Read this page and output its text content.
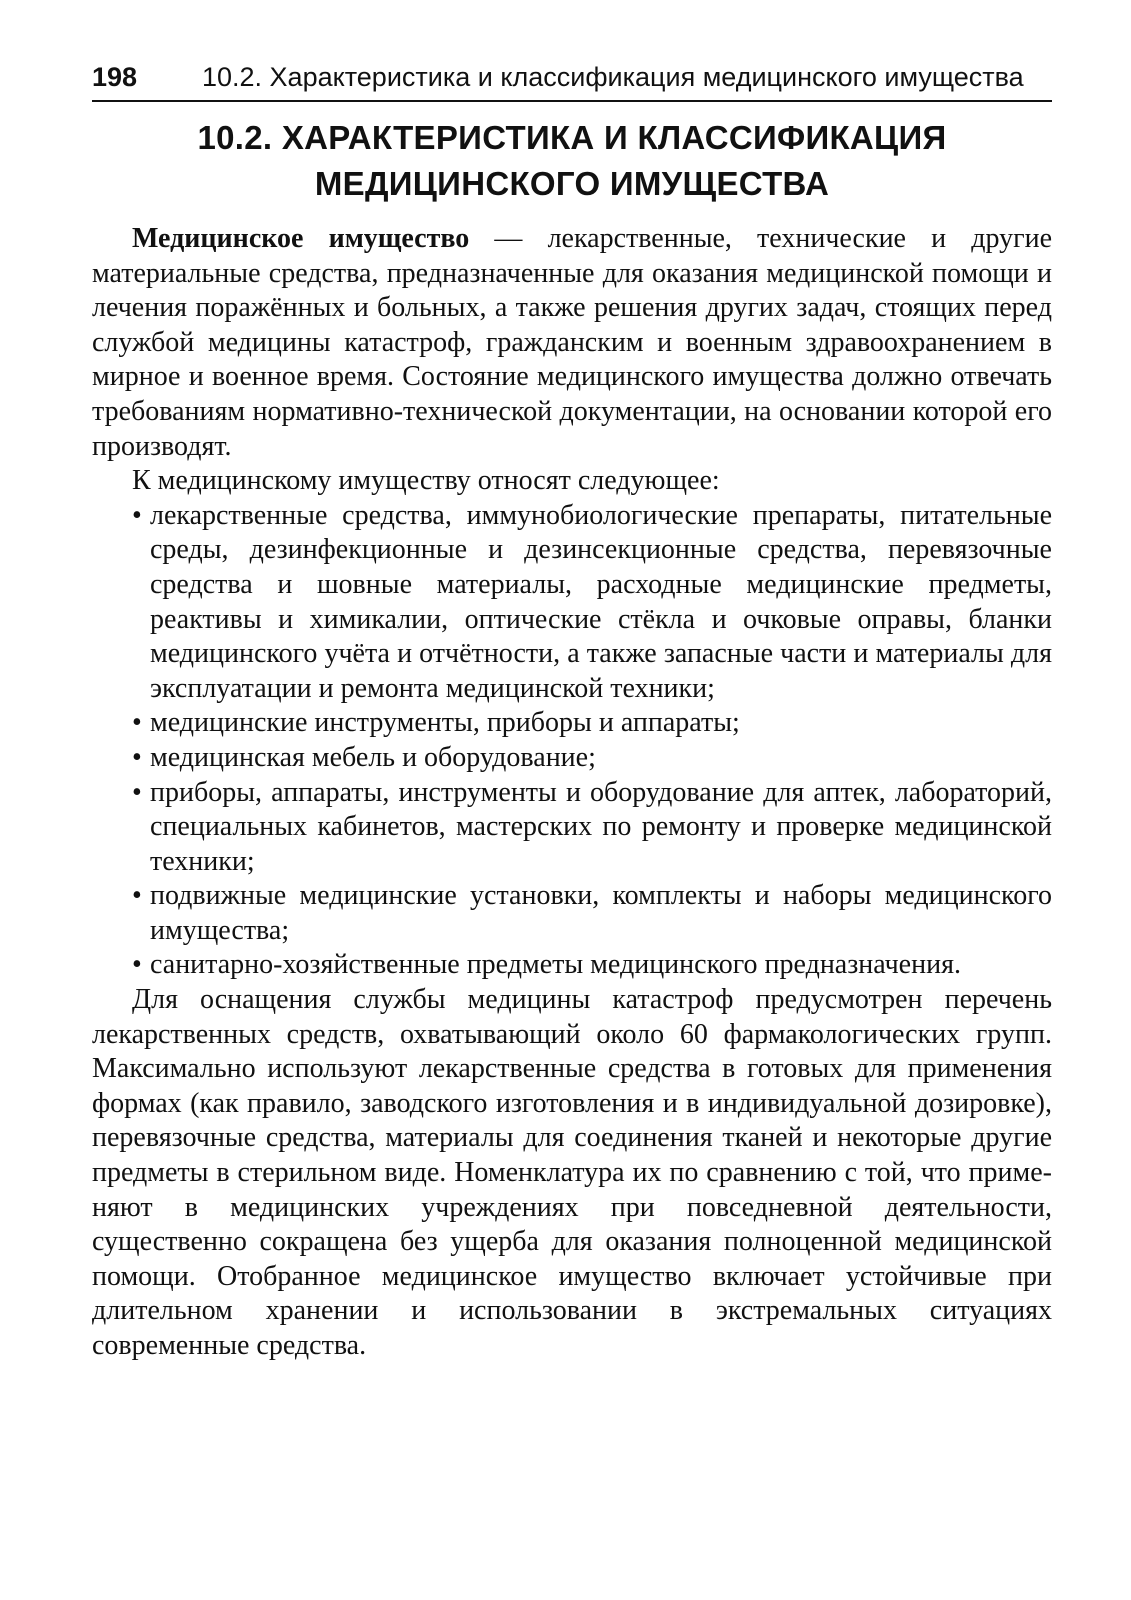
198 10.2. Характеристика и классификация медицинского имущества
10.2. ХАРАКТЕРИСТИКА И КЛАССИФИКАЦИЯ
МЕДИЦИНСКОГО ИМУЩЕСТВА

Медицинское имущество — лекарственные, технические и другие материальные средства, предназначенные для оказания медицинской помощи и лечения поражённых и больных, а также решения других задач, стоящих перед службой медицины катастроф, гражданским и военным здравоохранением в мирное и военное время. Состояние медицинского имущества должно отвечать требованиям нормативно-технической документации, на основании которой его производят.

К медицинскому имуществу относят следующее:

• лекарственные средства, иммунобиологические препараты, питательные среды, дезинфекционные и дезинсекционные средства, перевязочные средства и шовные материалы, расходные медицинские предметы, реактивы и химикалии, оптические стёкла и очковые оправы, бланки медицинского учёта и отчётности, а также запасные части и материалы для эксплуатации и ремонта медицинской техники;
• медицинские инструменты, приборы и аппараты;
• медицинская мебель и оборудование;
• приборы, аппараты, инструменты и оборудование для аптек, лабораторий, специальных кабинетов, мастерских по ремонту и проверке медицинской техники;
• подвижные медицинские установки, комплекты и наборы медицинского имущества;
• санитарно-хозяйственные предметы медицинского предназначения.

Для оснащения службы медицины катастроф предусмотрен перечень лекарственных средств, охватывающий около 60 фармакологических групп. Максимально используют лекарственные средства в готовых для применения формах (как правило, заводского изготовления и в индивидуальной дозировке), перевязочные средства, материалы для соединения тканей и некоторые другие предметы в стерильном виде. Номенклатура их по сравнению с той, что применяют в медицинских учреждениях при повседневной деятельности, существенно сокращена без ущерба для оказания полноценной медицинской помощи. Отобранное медицинское имущество включает устойчивые при длительном хранении и использовании в экстремальных ситуациях современные средства.
